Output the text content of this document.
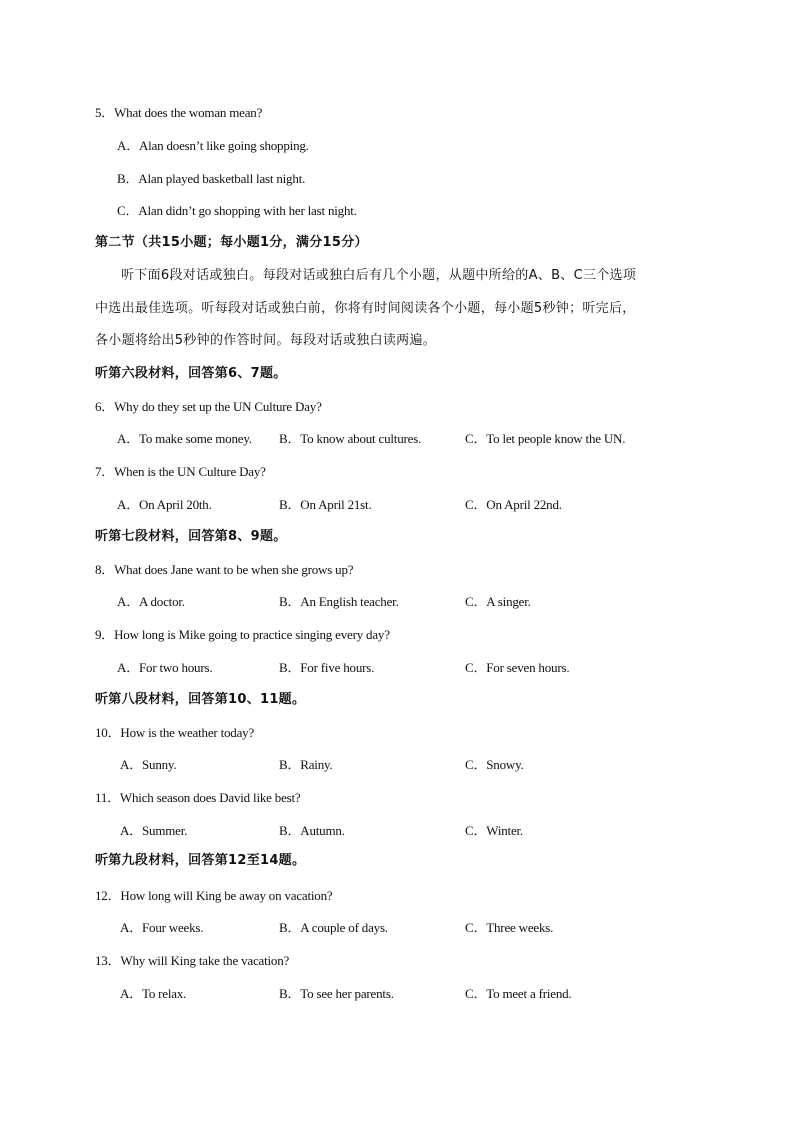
5．What does the woman mean?
A．Alan doesn’t like going shopping.
B．Alan played basketball last night.
C．Alan didn’t go shopping with her last night.
第二节（共15小题；每小题1分，满分15分）
听下面6段对话或独白。每段对话或独白后有几个小题，从题中所给的A、B、C三个选项
中选出最佳选项。听每段对话或独白前，你将有时间阅读各个小题，每小题5秒钟；听完后，
各小题将给出5秒钟的作答时间。每段对话或独白读两遍。
听第六段材料，回答第6、7题。
6．Why do they set up the UN Culture Day?
A．To make some money. B．To know about cultures.	C．To let people know the UN.
7．When is the UN Culture Day?
A．On April 20th.	B．On April 21st.	C．On April 22nd.
听第七段材料，回答第8、9题。
8．What does Jane want to be when she grows up?
A．A doctor.	B．An English teacher.	C．A singer.
9．How long is Mike going to practice singing every day?
A．For two hours.	B．For five hours.	C．For seven hours.
听第八段材料，回答第10、11题。
10．How is the weather today?
A．Sunny.	B．Rainy.	C．Snowy.
11．Which season does David like best?
A．Summer.	B．Autumn.	C．Winter.
听第九段材料，回答第12至14题。
12．How long will King be away on vacation?
A．Four weeks.	B．A couple of days.	C．Three weeks.
13．Why will King take the vacation?
A．To relax.	B．To see her parents.	C．To meet a friend.
